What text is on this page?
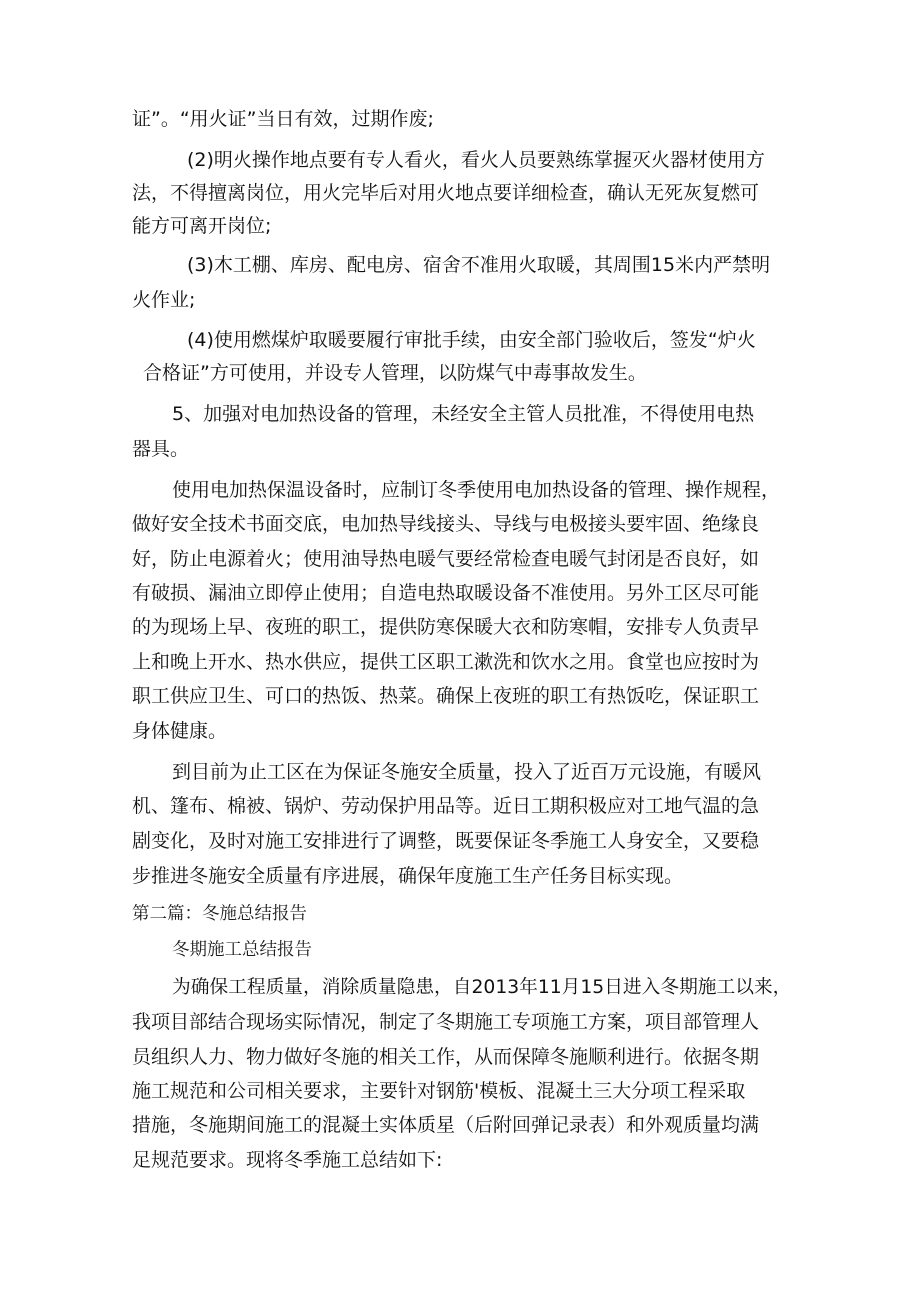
证”。“用火证”当日有效，过期作废;
(2)明火操作地点要有专人看火，看火人员要熟练掌握灭火器材使用方
法，不得擅离岗位，用火完毕后对用火地点要详细检查，确认无死灰复燃可
能方可离开岗位;
(3)木工棚、库房、配电房、宿舍不准用火取暖，其周围15米内严禁明
火作业;
(4)使用燃煤炉取暖要履行审批手续，由安全部门验收后，签发“炉火
合格证”方可使用，并设专人管理，以防煤气中毒事故发生。
5、加强对电加热设备的管理，未经安全主管人员批准，不得使用电热
器具。
使用电加热保温设备时，应制订冬季使用电加热设备的管理、操作规程，
做好安全技术书面交底，电加热导线接头、导线与电极接头要牢固、绝缘良
好，防止电源着火；使用油导热电暖气要经常检查电暖气封闭是否良好，如
有破损、漏油立即停止使用；自造电热取暖设备不准使用。另外工区尽可能
的为现场上早、夜班的职工，提供防寒保暖大衣和防寒帽，安排专人负责早
上和晚上开水、热水供应，提供工区职工漱洗和饮水之用。食堂也应按时为
职工供应卫生、可口的热饭、热菜。确保上夜班的职工有热饭吃，保证职工
身体健康。
到目前为止工区在为保证冬施安全质量，投入了近百万元设施，有暖风
机、篷布、棉被、锅炉、劳动保护用品等。近日工期积极应对工地气温的急
剧变化，及时对施工安排进行了调整，既要保证冬季施工人身安全，又要稳
步推进冬施安全质量有序进展，确保年度施工生产任务目标实现。
第二篇：冬施总结报告
冬期施工总结报告
为确保工程质量，消除质量隐患，自2013年11月15日进入冬期施工以来，
我项目部结合现场实际情况，制定了冬期施工专项施工方案，项目部管理人
员组织人力、物力做好冬施的相关工作，从而保障冬施顺利进行。依据冬期
施工规范和公司相关要求，主要针对钢筋'模板、混凝土三大分项工程采取
措施，冬施期间施工的混凝土实体质星（后附回弹记录表）和外观质量均满
足规范要求。现将冬季施工总结如下:
